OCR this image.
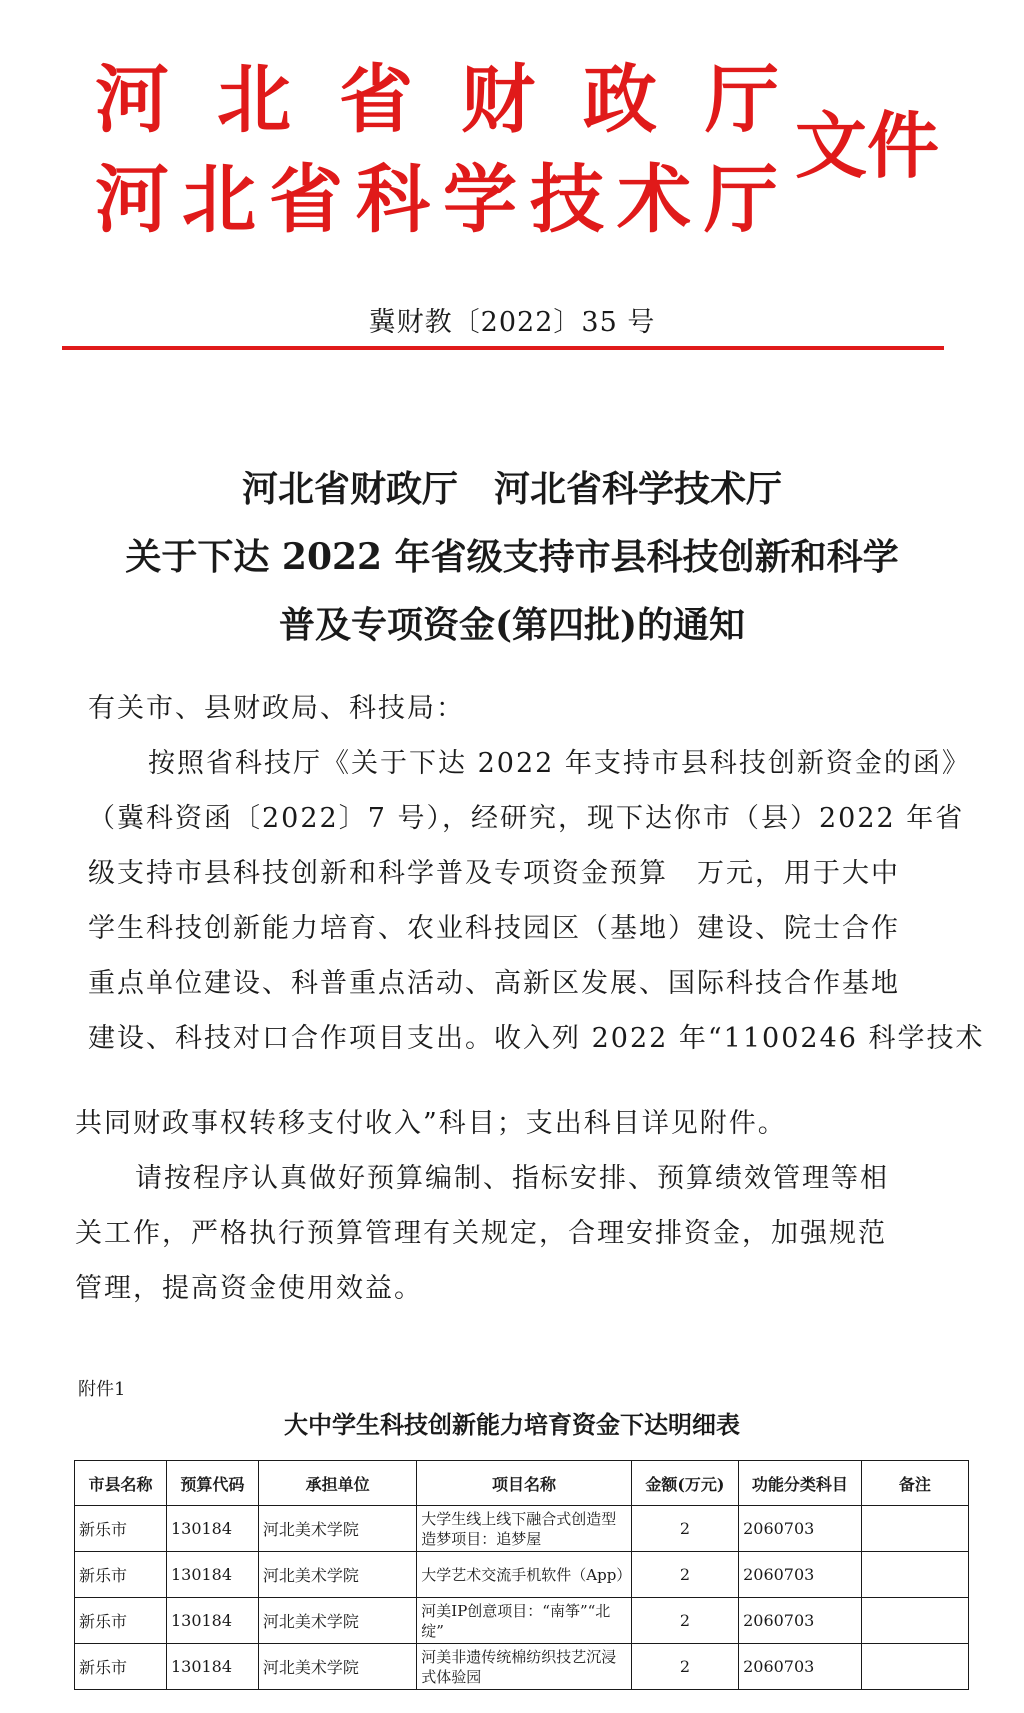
河 北 省 财 政 厅
河 北 省 科 学 技 术 厅
文件
冀财教〔2022〕35 号
河北省财政厅　河北省科学技术厅
关于下达 2022 年省级支持市县科技创新和科学
普及专项资金(第四批)的通知
有关市、县财政局、科技局：
按照省科技厅《关于下达 2022 年支持市县科技创新资金的函》
（冀科资函〔2022〕7 号），经研究，现下达你市（县）2022 年省
级支持市县科技创新和科学普及专项资金预算　万元，用于大中
学生科技创新能力培育、农业科技园区（基地）建设、院士合作
重点单位建设、科普重点活动、高新区发展、国际科技合作基地
建设、科技对口合作项目支出。收入列 2022 年“1100246 科学技术
共同财政事权转移支付收入”科目；支出科目详见附件。
请按程序认真做好预算编制、指标安排、预算绩效管理等相
关工作，严格执行预算管理有关规定，合理安排资金，加强规范
管理，提高资金使用效益。
附件1
大中学生科技创新能力培育资金下达明细表
市县名称	预算代码	承担单位	项目名称	金额(万元)	功能分类科目	备注
新乐市	130184	河北美术学院	大学生线上线下融合式创造型造梦项目：追梦屋	2	2060703	
新乐市	130184	河北美术学院	大学艺术交流手机软件（App）	2	2060703	
新乐市	130184	河北美术学院	河美IP创意项目：“南筝”“北绽”	2	2060703	
新乐市	130184	河北美术学院	河美非遗传统棉纺织技艺沉浸式体验园	2	2060703	
